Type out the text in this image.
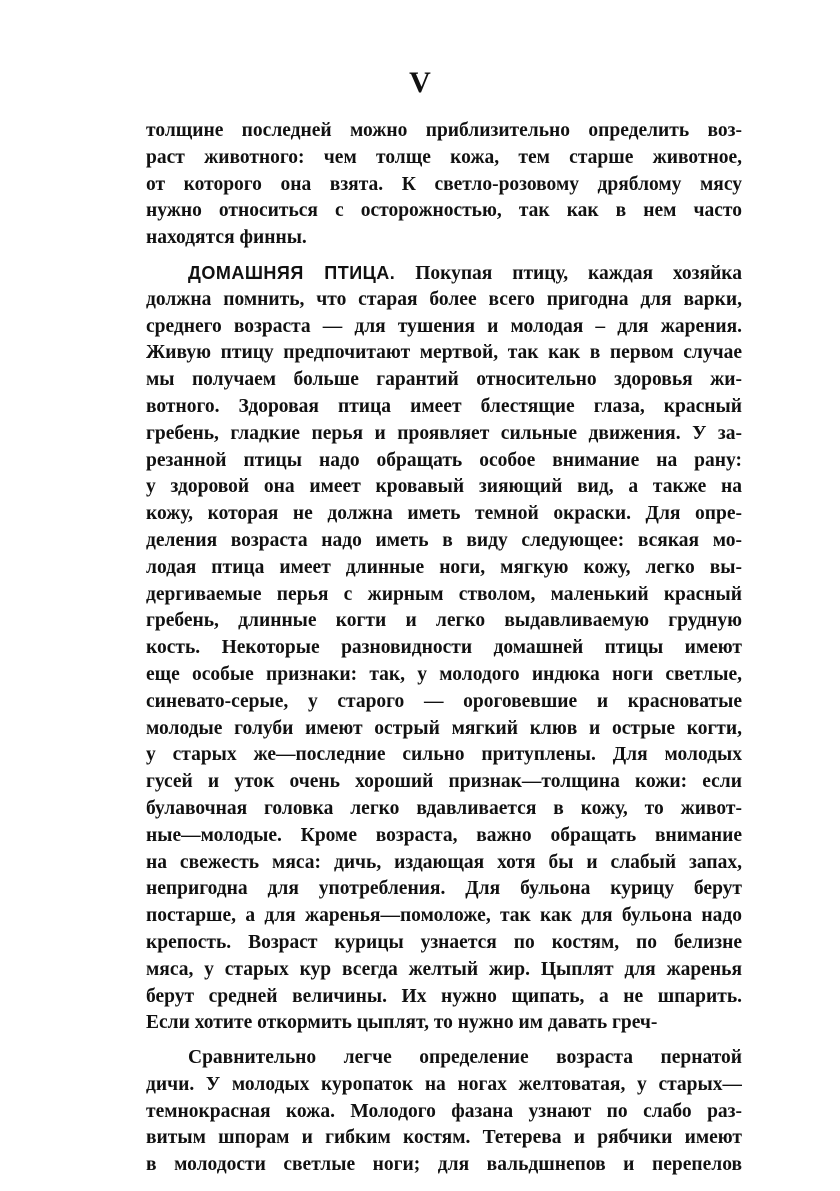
V
толщине последней можно приблизительно определить воз-
раст животного: чем толще кожа, тем старше животное,
от которого она взята. К светло-розовому дряблому мясу
нужно относиться с осторожностью, так как в нем часто
находятся финны.
ДОМАШНЯЯ ПТИЦА. Покупая птицу, каждая хозяйка
должна помнить, что старая более всего пригодна для варки,
среднего возраста — для тушения и молодая – для жарения.
Живую птицу предпочитают мертвой, так как в первом случае
мы получаем больше гарантий относительно здоровья жи-
вотного. Здоровая птица имеет блестящие глаза, красный
гребень, гладкие перья и проявляет сильные движения. У за-
резанной птицы надо обращать особое внимание на рану:
у здоровой она имеет кровавый зияющий вид, а также на
кожу, которая не должна иметь темной окраски. Для опре-
деления возраста надо иметь в виду следующее: всякая мо-
лодая птица имеет длинные ноги, мягкую кожу, легко вы-
дергиваемые перья с жирным стволом, маленький красный
гребень, длинные когти и легко выдавливаемую грудную
кость. Некоторые разновидности домашней птицы имеют
еще особые признаки: так, у молодого индюка ноги светлые,
синевато-серые, у старого — ороговевшие и красноватые
молодые голуби имеют острый мягкий клюв и острые когти,
у старых же—последние сильно притуплены. Для молодых
гусей и уток очень хороший признак—толщина кожи: если
булавочная головка легко вдавливается в кожу, то живот-
ные—молодые. Кроме возраста, важно обращать внимание
на свежесть мяса: дичь, издающая хотя бы и слабый запах,
непригодна для употребления. Для бульона курицу берут
постарше, а для жаренья—помоложе, так как для бульона надо
крепость. Возраст курицы узнается по костям, по белизне
мяса, у старых кур всегда желтый жир. Цыплят для жаренья
берут средней величины. Их нужно щипать, а не шпарить.
Если хотите откормить цыплят, то нужно им давать греч-
Сравнительно легче определение возраста пернатой
дичи. У молодых куропаток на ногах желтоватая, у старых—
темнокрасная кожа. Молодого фазана узнают по слабо раз-
витым шпорам и гибким костям. Тетерева и рябчики имеют
в молодости светлые ноги; для вальдшнепов и перепелов
